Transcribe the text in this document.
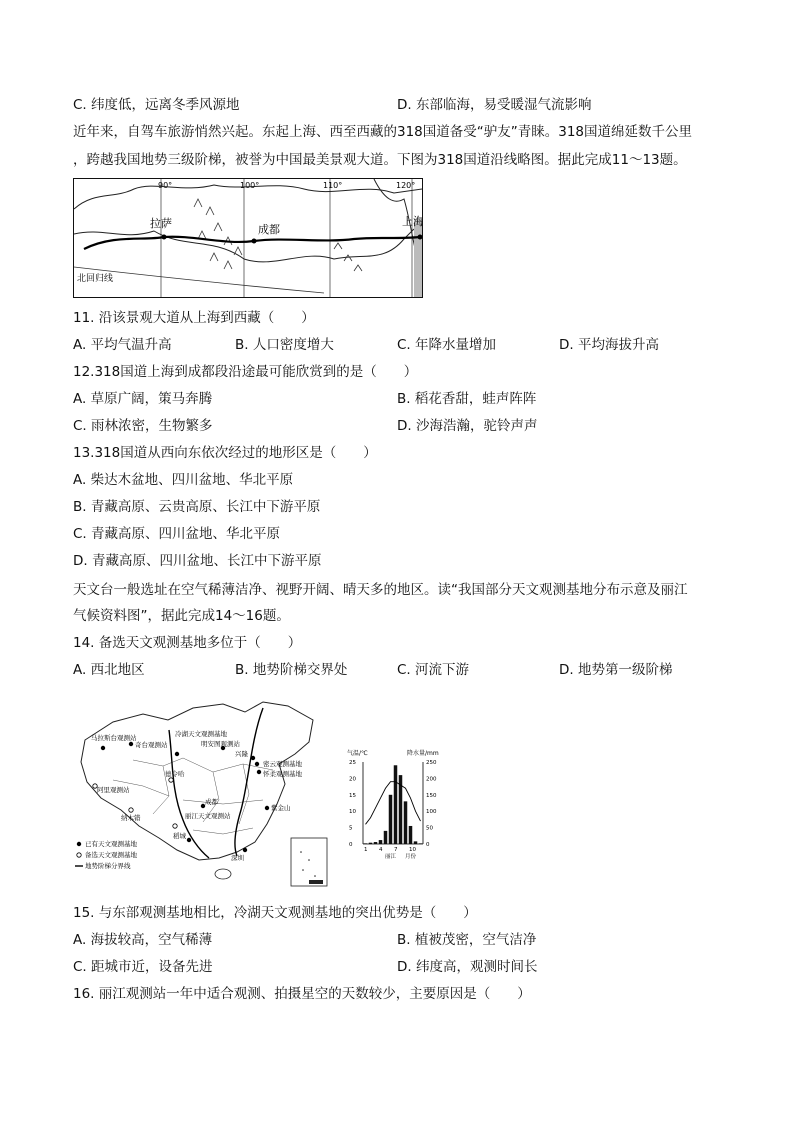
C. 纬度低，远离冬季风源地	D. 东部临海，易受暖湿气流影响
近年来，自驾车旅游悄然兴起。东起上海、西至西藏的318国道备受“驴友”青睐。318国道绵延数千公里
，跨越我国地势三级阶梯，被誉为中国最美景观大道。下图为318国道沿线略图。据此完成11～13题。
90°	100°	110°	120°
北回归线
拉萨	成都
上海
11. 沿该景观大道从上海到西藏（　　）
A. 平均气温升高	B. 人口密度增大	C. 年降水量增加	D. 平均海拔升高
12.318国道上海到成都段沿途最可能欣赏到的是（　　）
A. 草原广阔，策马奔腾	B. 稻花香甜，蛙声阵阵
C. 雨林浓密，生物繁多	D. 沙海浩瀚，驼铃声声
13.318国道从西向东依次经过的地形区是（　　）
A. 柴达木盆地、四川盆地、华北平原
B. 青藏高原、云贵高原、长江中下游平原
C. 青藏高原、四川盆地、华北平原
D. 青藏高原、四川盆地、长江中下游平原
天文台一般选址在空气稀薄洁净、视野开阔、晴天多的地区。读“我国部分天文观测基地分布示意及丽江
气候资料图”，据此完成14～16题。
14. 备选天文观测基地多位于（　　）
A. 西北地区	B. 地势阶梯交界处	C. 河流下游	D. 地势第一级阶梯
马拉斯台观测站
奇台观测站
冷湖天文观测基地
明安图观测站
密云观测基地
怀柔观测基地
阿里观测站
德令哈
稻城
纳木错	丽江天文观测站
紫金山
成都
深圳
兴隆
已有天文观测基地
备选天文观测基地
地势阶梯分界线
气温/℃	降水量/mm
25
20
15
10
5
0
250
200
150
100
50
0
1 4 7 10
月份
丽江
15. 与东部观测基地相比，冷湖天文观测基地的突出优势是（　　）
A. 海拔较高，空气稀薄	B. 植被茂密，空气洁净
C. 距城市近，设备先进	D. 纬度高，观测时间长
16. 丽江观测站一年中适合观测、拍摄星空的天数较少，主要原因是（　　）
